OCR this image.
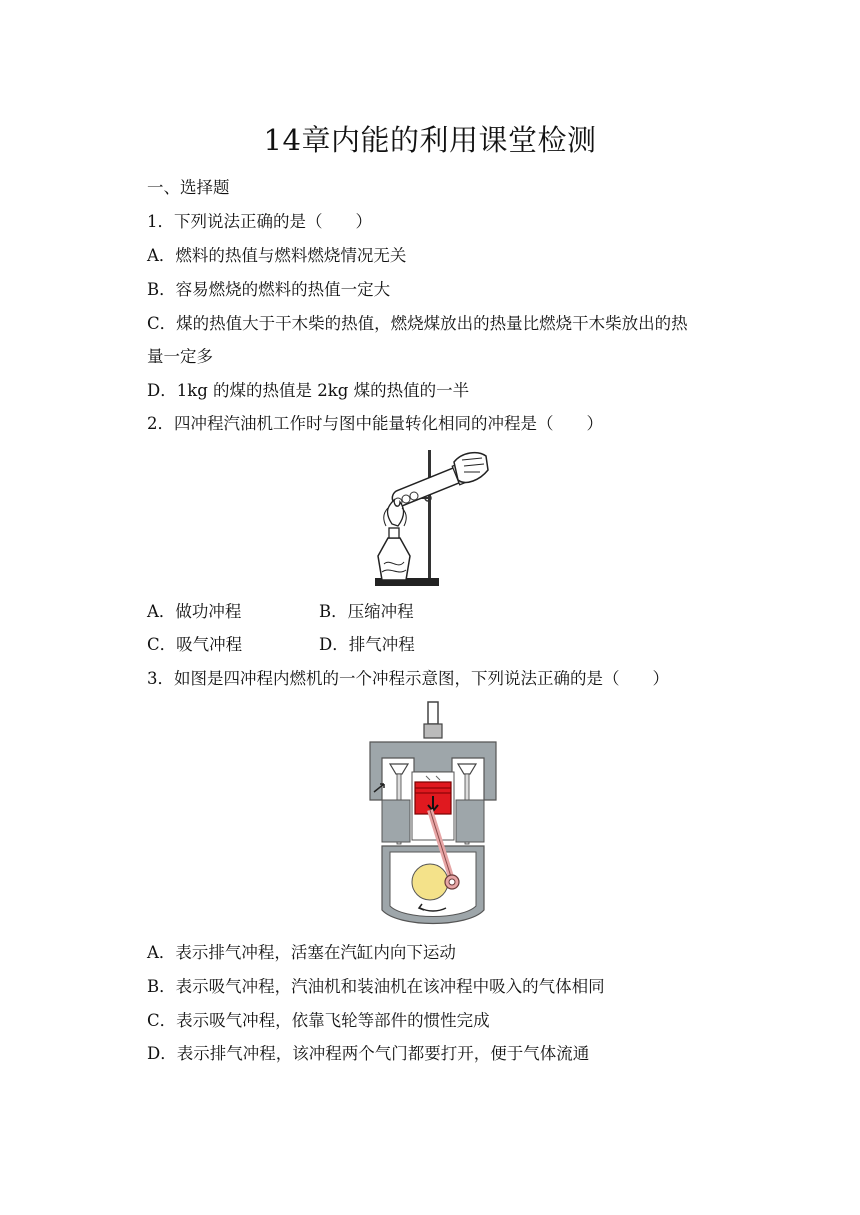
14章内能的利用课堂检测
一、选择题
1．下列说法正确的是（　　）
A．燃料的热值与燃料燃烧情况无关
B．容易燃烧的燃料的热值一定大
C．煤的热值大于干木柴的热值，燃烧煤放出的热量比燃烧干木柴放出的热
量一定多
D．1kg 的煤的热值是 2kg 煤的热值的一半
2．四冲程汽油机工作时与图中能量转化相同的冲程是（　　）
A．做功冲程	B．压缩冲程
C．吸气冲程	D．排气冲程
3．如图是四冲程内燃机的一个冲程示意图，下列说法正确的是（　　）
A．表示排气冲程，活塞在汽缸内向下运动
B．表示吸气冲程，汽油机和装油机在该冲程中吸入的气体相同
C．表示吸气冲程，依靠飞轮等部件的惯性完成
D．表示排气冲程，该冲程两个气门都要打开，便于气体流通
